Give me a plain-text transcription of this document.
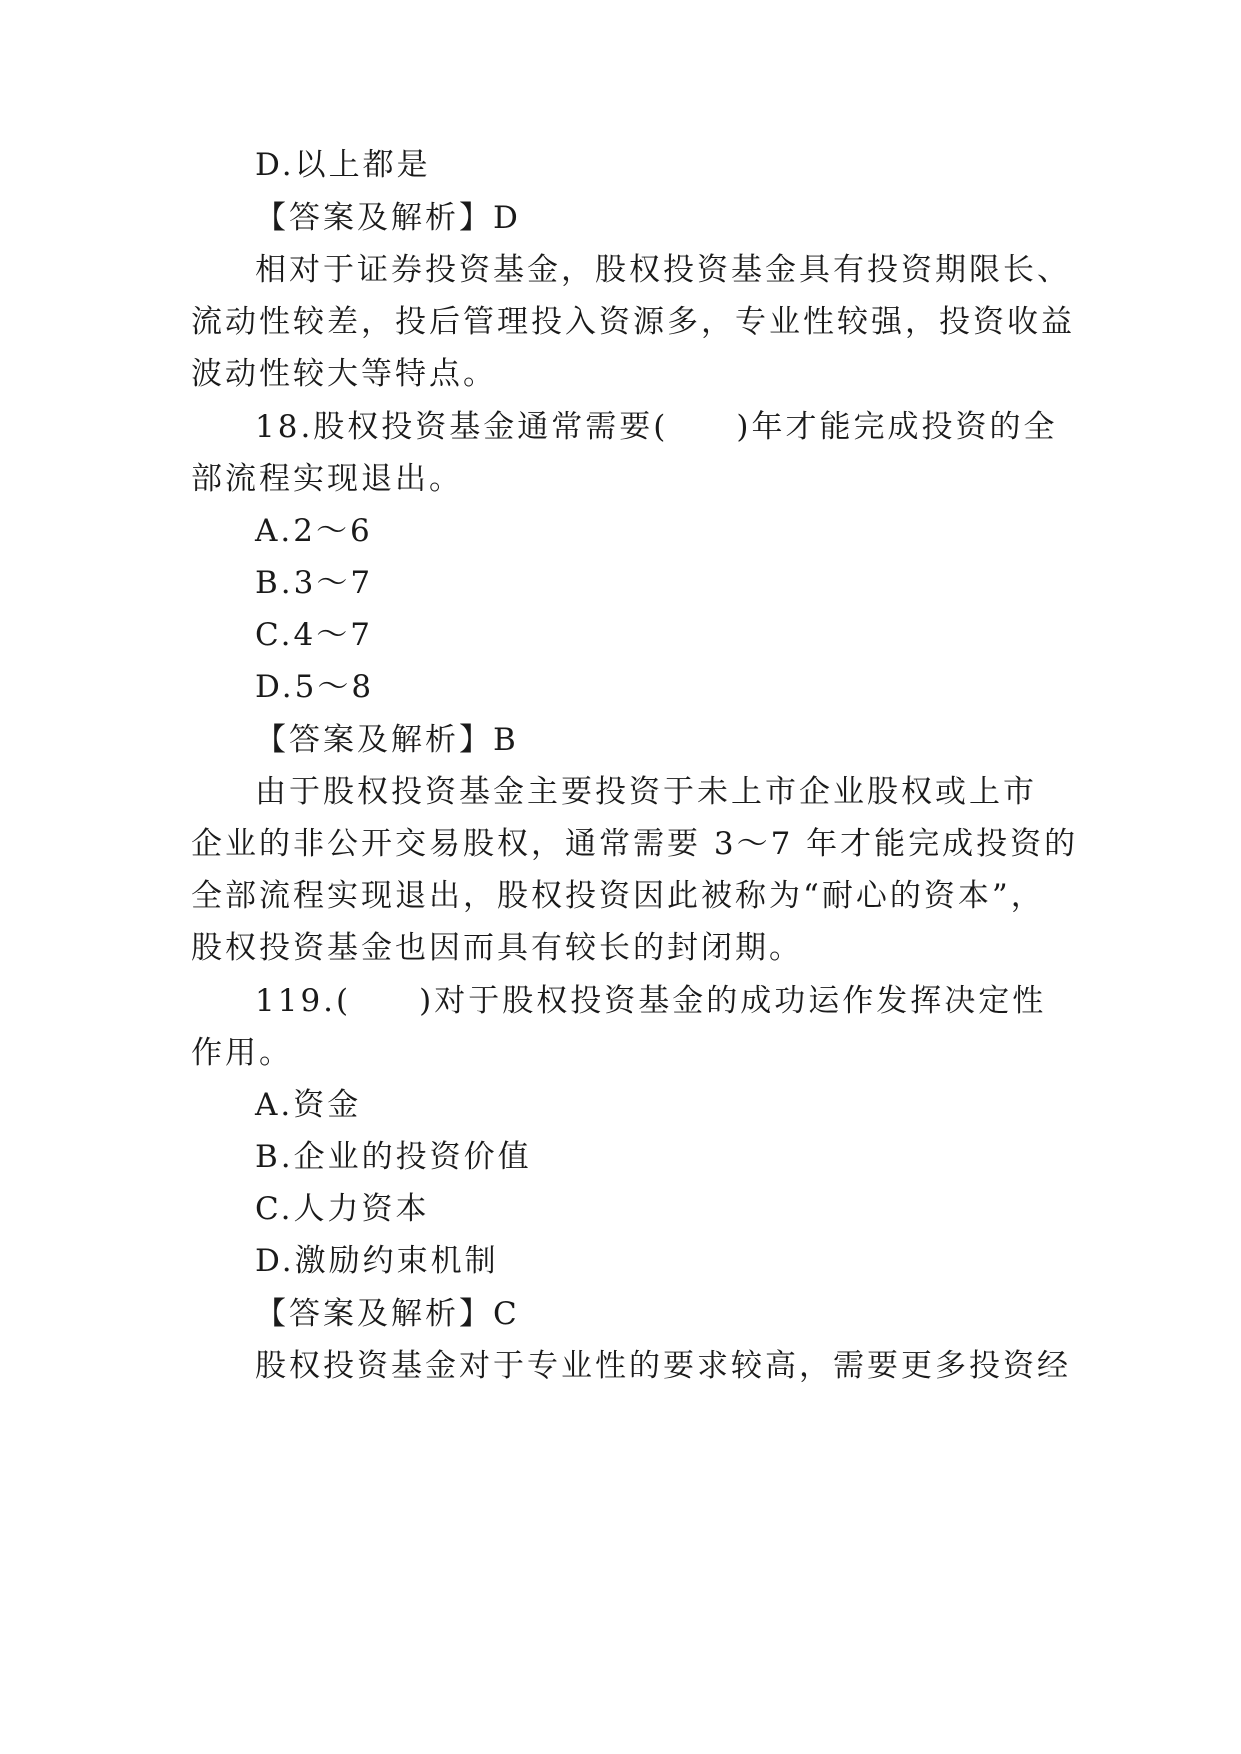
D.以上都是
【答案及解析】D
相对于证券投资基金，股权投资基金具有投资期限长、
流动性较差，投后管理投入资源多，专业性较强，投资收益
波动性较大等特点。
18.股权投资基金通常需要(　　)年才能完成投资的全
部流程实现退出。
A.2～6
B.3～7
C.4～7
D.5～8
【答案及解析】B
由于股权投资基金主要投资于未上市企业股权或上市
企业的非公开交易股权，通常需要 3～7 年才能完成投资的
全部流程实现退出，股权投资因此被称为“耐心的资本”，
股权投资基金也因而具有较长的封闭期。
119.(　　)对于股权投资基金的成功运作发挥决定性
作用。
A.资金
B.企业的投资价值
C.人力资本
D.激励约束机制
【答案及解析】C
股权投资基金对于专业性的要求较高，需要更多投资经
